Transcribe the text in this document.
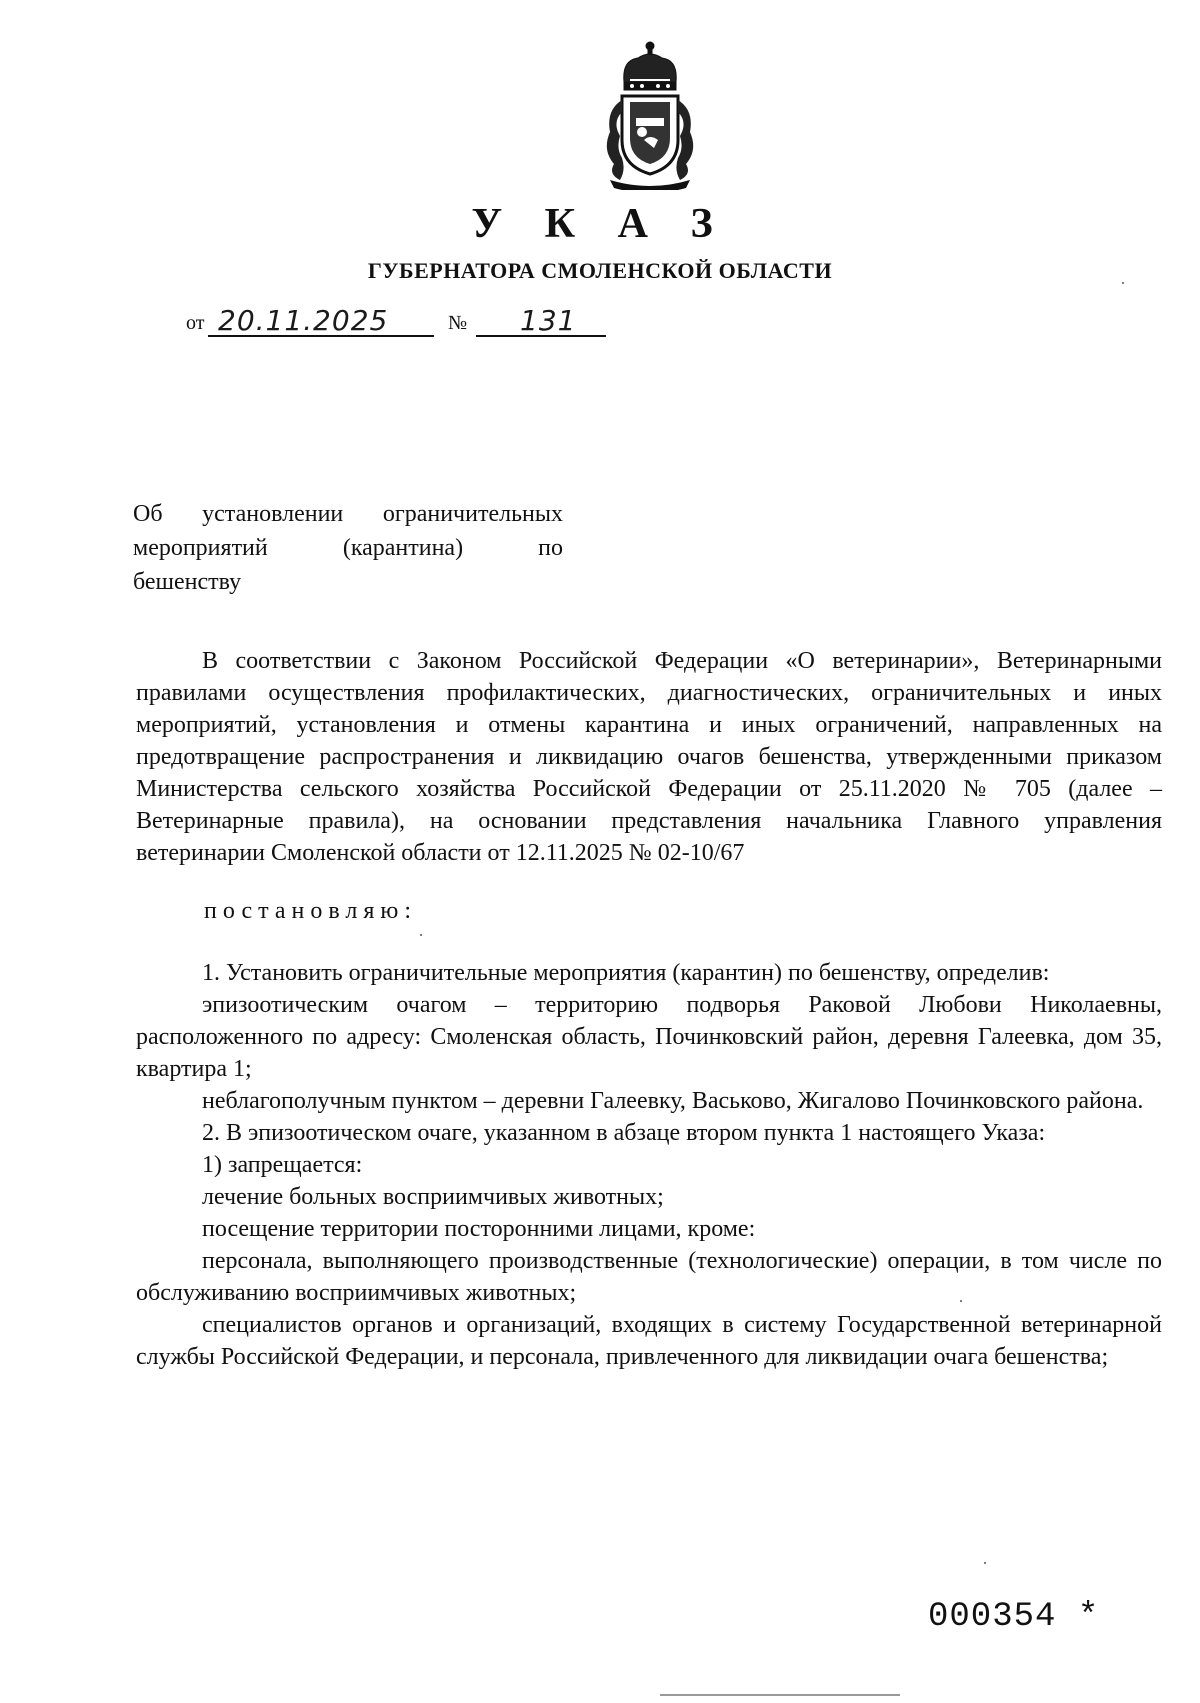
У К А З
ГУБЕРНАТОРА СМОЛЕНСКОЙ ОБЛАСТИ
от 20.11.2025	№ 131
Об установлении ограничительных
мероприятий (карантина) по
бешенству

В соответствии с Законом Российской Федерации «О ветеринарии», Ветеринарными правилами осуществления профилактических, диагностических, ограничительных и иных мероприятий, установления и отмены карантина и иных ограничений, направленных на предотвращение распространения и ликвидацию очагов бешенства, утвержденными приказом Министерства сельского хозяйства Российской Федерации от 25.11.2020 № 705 (далее – Ветеринарные правила), на основании представления начальника Главного управления ветеринарии Смоленской области от 12.11.2025 № 02-10/67

постановляю:

1. Установить ограничительные мероприятия (карантин) по бешенству, определив:

эпизоотическим очагом – территорию подворья Раковой Любови Николаевны, расположенного по адресу: Смоленская область, Починковский район, деревня Галеевка, дом 35, квартира 1;

неблагополучным пунктом – деревни Галеевку, Васьково, Жигалово Починковского района.

2. В эпизоотическом очаге, указанном в абзаце втором пункта 1 настоящего Указа:

1) запрещается:

лечение больных восприимчивых животных;

посещение территории посторонними лицами, кроме:

персонала, выполняющего производственные (технологические) операции, в том числе по обслуживанию восприимчивых животных;

специалистов органов и организаций, входящих в систему Государственной ветеринарной службы Российской Федерации, и персонала, привлеченного для ликвидации очага бешенства;

000354 *
